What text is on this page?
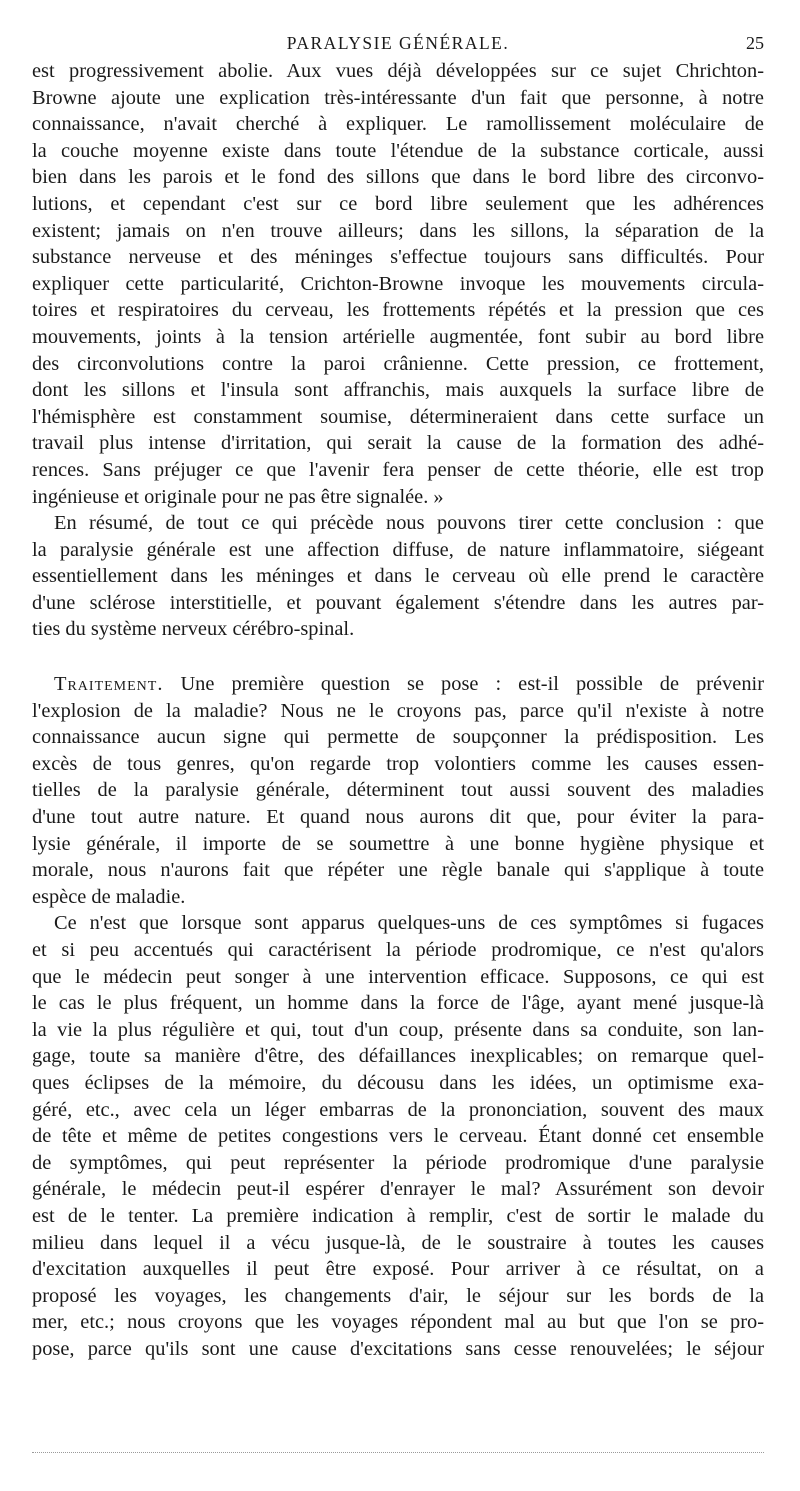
PARALYSIE GÉNÉRALE.	25
est progressivement abolie. Aux vues déjà développées sur ce sujet Chrichton-
Browne ajoute une explication très-intéressante d'un fait que personne, à notre
connaissance, n'avait cherché à expliquer. Le ramollissement moléculaire de
la couche moyenne existe dans toute l'étendue de la substance corticale, aussi
bien dans les parois et le fond des sillons que dans le bord libre des circonvo-
lutions, et cependant c'est sur ce bord libre seulement que les adhérences
existent; jamais on n'en trouve ailleurs; dans les sillons, la séparation de la
substance nerveuse et des méninges s'effectue toujours sans difficultés. Pour
expliquer cette particularité, Crichton-Browne invoque les mouvements circula-
toires et respiratoires du cerveau, les frottements répétés et la pression que ces
mouvements, joints à la tension artérielle augmentée, font subir au bord libre
des circonvolutions contre la paroi crânienne. Cette pression, ce frottement,
dont les sillons et l'insula sont affranchis, mais auxquels la surface libre de
l'hémisphère est constamment soumise, détermineraient dans cette surface un
travail plus intense d'irritation, qui serait la cause de la formation des adhé-
rences. Sans préjuger ce que l'avenir fera penser de cette théorie, elle est trop
ingénieuse et originale pour ne pas être signalée. »
En résumé, de tout ce qui précède nous pouvons tirer cette conclusion : que
la paralysie générale est une affection diffuse, de nature inflammatoire, siégeant
essentiellement dans les méninges et dans le cerveau où elle prend le caractère
d'une sclérose interstitielle, et pouvant également s'étendre dans les autres par-
ties du système nerveux cérébro-spinal.
Traitement. Une première question se pose : est-il possible de prévenir
l'explosion de la maladie? Nous ne le croyons pas, parce qu'il n'existe à notre
connaissance aucun signe qui permette de soupçonner la prédisposition. Les
excès de tous genres, qu'on regarde trop volontiers comme les causes essen-
tielles de la paralysie générale, déterminent tout aussi souvent des maladies
d'une tout autre nature. Et quand nous aurons dit que, pour éviter la para-
lysie générale, il importe de se soumettre à une bonne hygiène physique et
morale, nous n'aurons fait que répéter une règle banale qui s'applique à toute
espèce de maladie.
Ce n'est que lorsque sont apparus quelques-uns de ces symptômes si fugaces
et si peu accentués qui caractérisent la période prodromique, ce n'est qu'alors
que le médecin peut songer à une intervention efficace. Supposons, ce qui est
le cas le plus fréquent, un homme dans la force de l'âge, ayant mené jusque-là
la vie la plus régulière et qui, tout d'un coup, présente dans sa conduite, son lan-
gage, toute sa manière d'être, des défaillances inexplicables; on remarque quel-
ques éclipses de la mémoire, du décousu dans les idées, un optimisme exa-
géré, etc., avec cela un léger embarras de la prononciation, souvent des maux
de tête et même de petites congestions vers le cerveau. Étant donné cet ensemble
de symptômes, qui peut représenter la période prodromique d'une paralysie
générale, le médecin peut-il espérer d'enrayer le mal? Assurément son devoir
est de le tenter. La première indication à remplir, c'est de sortir le malade du
milieu dans lequel il a vécu jusque-là, de le soustraire à toutes les causes
d'excitation auxquelles il peut être exposé. Pour arriver à ce résultat, on a
proposé les voyages, les changements d'air, le séjour sur les bords de la
mer, etc.; nous croyons que les voyages répondent mal au but que l'on se pro-
pose, parce qu'ils sont une cause d'excitations sans cesse renouvelées; le séjour
